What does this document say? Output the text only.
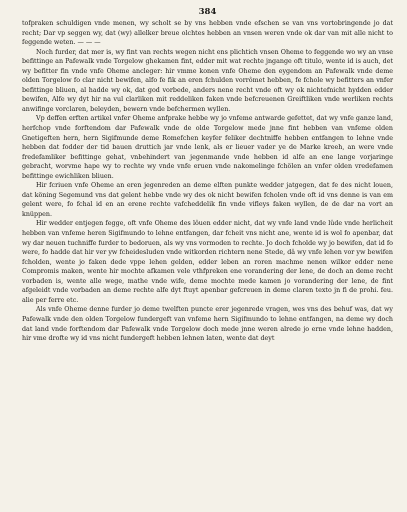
384

tofpraken schuldigen vnde menen, wy scholt se by vns hebben vnde efschen se van vns vortobringende jo dat recht; Dar vp seggen wy, dat (wy) allelker breue olchtes hebben an vnsen weren vnde ok dar van mit alle nicht to feggende weten. — — —

Noch furder, dat mer is, wy fint van rechts wegen nicht ens plichtich vnsen Oheme to feggende wo wy an vnse befittinge an Pafewalk vnde Torgelow ghekamen fint, edder mit wat rechte jngange oft titulo, wente id is auch, det wy befitter fin vnde vnfe Oheme ancleger: hir vmme konen vnfe Oheme den eygendom an Pafewalk vnde deme olden Torgelow fo clar nicht bewifen, alfo fe fik an eren fchulden vorrômet hebben, fe fchole wy befitters an vnfer befittinge bliuen, al hadde wy ok, dat god vorbede, anders nene recht vnde oft wy ok nichtefnicht hydden edder bewifen, Alfe wy dyt hir na vul clarliken mit reddeliken faken vnde befcreuenen Greiftliken vnde werliken rechts anwifinge vorclaren, beleyden, bewern vnde befchermen wyllen.

Vp deffen erften artikel vnfer Oheme anfprake hebbe wy jo vnfeme antwarde gefettet, dat wy vnfe ganze land, herfchop vnde forftendom dar Pafewalk vnde de olde Torgelow mede jnne fint hebben van vnfeme olden Gnetigeften hern, hern Sigifmunde deme Romefchen keyfer feliker dechtniffe hebben entfangen to lehne vnde hebben dat fodder der tid bauen druttich jar vnde lenk, als er lieuer vader ye de Marke kreeh, an were vnde fredefamliker befittinge gehat, vnbehindert van jegenmande vnde hebben id alfe an ene lange vorjaringe gebracht, worvme hape wy to rechte wy vnde vnfe eruen vnde nakomelinge fchölen an vnfer olden vredefamen befittinge ewichliken bliuen.

Hir fcriuen vnfe Oheme an eren jegenreden an deme elften punkte wedder jatgegen, dat fe des nicht louen, dat köning Segemund vns dat gelent hebbe vnde wy des ok nicht bewifen fcholen vnde oft id vns denne is van em gelent were, fo fchal id en an erene rechte vafcheddelik fin vnde vifleys faken wyllen, de de dar na vort an knüppen.

Hir wedder entjegen fegge, oft vnfe Oheme des lôuen edder nicht, dat wy vnfe land vnde lûde vnde herlicheit hebben van vnfeme heren Sigifmundo to lehne entfangen, dar fcheit vns nicht ane, wente id is wol fo apenbar, dat wy dar neuen tuchniffe furder to bedoruen, als wy vns vormoden to rechte. Jo doch fcholde wy jo bewifen, dat id fo were, fo hadde dat hir ver yw fcheidesluden vnde witkorden richtern nene Stede, dâ wy vnfe lehen vor yw bewifen fcholden, wente jo faken dede vppe lehen gelden, edder leben an roren machme nenen wilkor edder nene Compromis maken, wente hir mochte afkamen vele vthfpreken ene vorandering der lene, de doch an deme recht vorbaden is, wente alle wege, mathe vnde wife, deme mochte mede kamen jo vorandering der lene, de fint afgeleidt vnde vorbaden an deme rechte alfe dyt ftuyt apenbar gefcreuen in deme claren texto jn fi de prohi. feu. alie per ferre etc.

Als vnfe Oheme denne furder jo deme twelften puncte erer jegenrede vragen, wes vns des behuf was, dat wy Pafewalk vnde den olden Torgelow fundergeft van vnfeme hern Sigifmundo to lehne entfangen, na deme wy doch dat land vnde forftendom dar Pafewalk vnde Torgelow doch mede jnne weren alrede jo erne vnde lehne hadden, hir vme drofte wy id vns nicht fundergeft hebben lehnen laten, wente dat deyt
